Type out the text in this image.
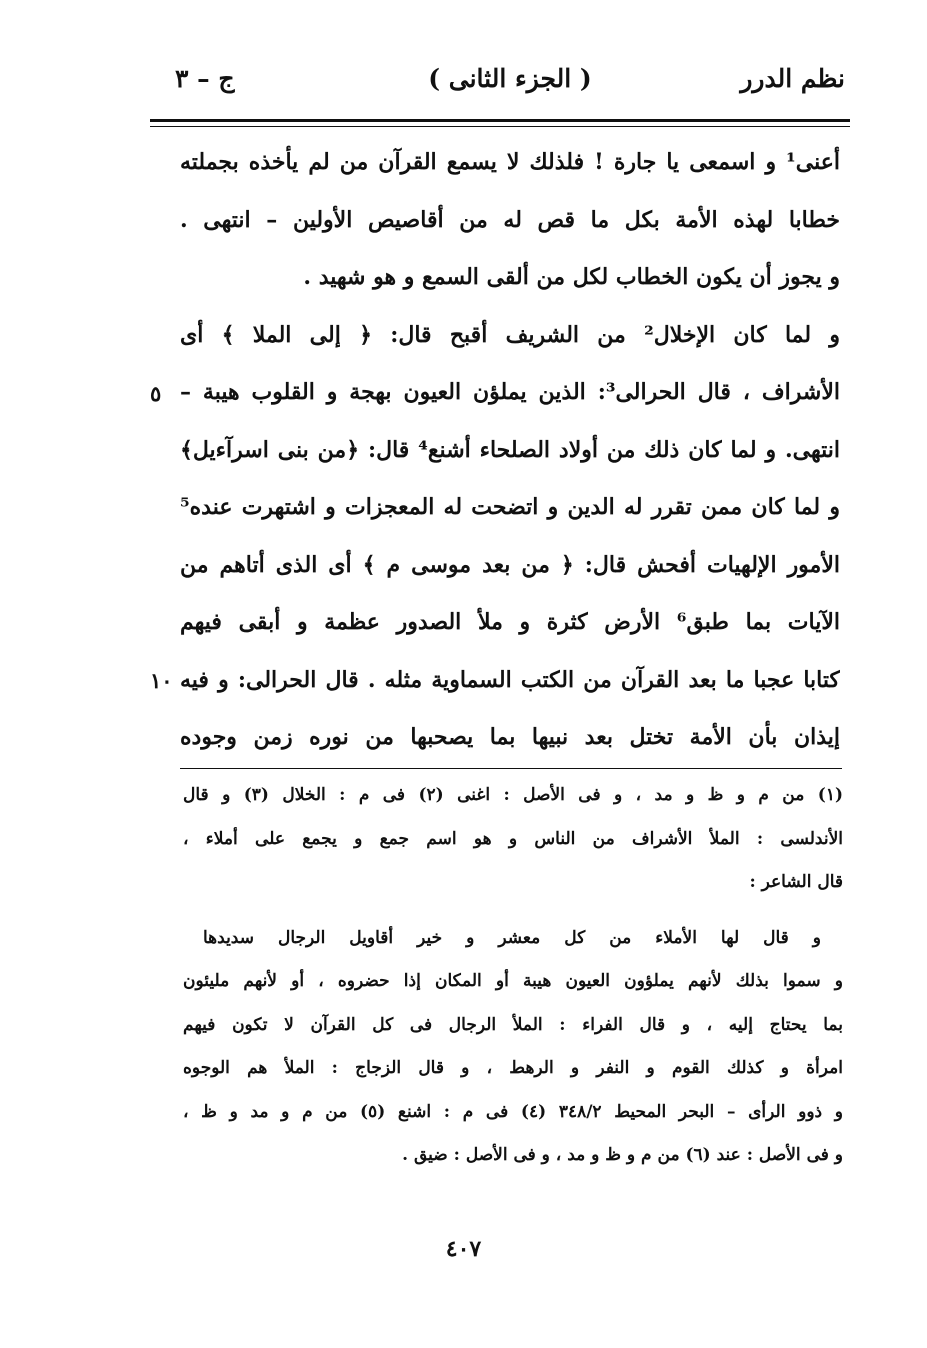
نظم الدرر
( الجزء الثانى )
ج – ٣
أعنى¹ و اسمعى يا جارة ! فلذلك لا يسمع القرآن من لم يأخذه بجملته
خطابا لهذه الأمة بكل ما قص له من أقاصيص الأولين – انتهى .
و يجوز أن يكون الخطاب لكل من ألقى السمع و هو شهيد .
و لما كان الإخلال² من الشريف أقبح قال: ﴿ إلى الملا ﴾ أى
الأشراف ، قال الحرالى³: الذين يملؤن العيون بهجة و القلوب هيبة –
انتهى. و لما كان ذلك من أولاد الصلحاء أشنع⁴ قال: ﴿من بنى اسرآءيل﴾
و لما كان ممن تقرر له الدين و اتضحت له المعجزات و اشتهرت عنده⁵
الأمور الإلهيات أفحش قال: ﴿ من بعد موسى م ﴾ أى الذى أتاهم من
الآيات بما طبق⁶ الأرض كثرة و ملأ الصدور عظمة و أبقى فيهم
كتابا عجبا ما بعد القرآن من الكتب السماوية مثله . قال الحرالى: و فيه
إيذان بأن الأمة تختل بعد نبيها بما يصحبها من نوره زمن وجوده
٥
١٠
(١) من م و ظ و مد ، و فى الأصل : اغنى (٢) فى م : الخلال (٣) و قال
الأندلسى : الملأ الأشراف من الناس و هو اسم جمع و يجمع على أملاء ،
قال الشاعر :
و قال لها الأملاء من كل معشر و خير أقاويل الرجال سديدها
و سموا بذلك لأنهم يملؤون العيون هيبة أو المكان إذا حضروه ، أو لأنهم مليئون
بما يحتاج إليه ، و قال الفراء : الملأ الرجال فى كل القرآن لا تكون فيهم
امرأة و كذلك القوم و النفر و الرهط ، و قال الزجاج : الملأ هم الوجوه
و ذوو الرأى – البحر المحيط ٣٤٨/٢ (٤) فى م : اشنع (٥) من م و مد و ظ ،
و فى الأصل : عند (٦) من م و ظ و مد ، و فى الأصل : ضيق .
٤٠٧
